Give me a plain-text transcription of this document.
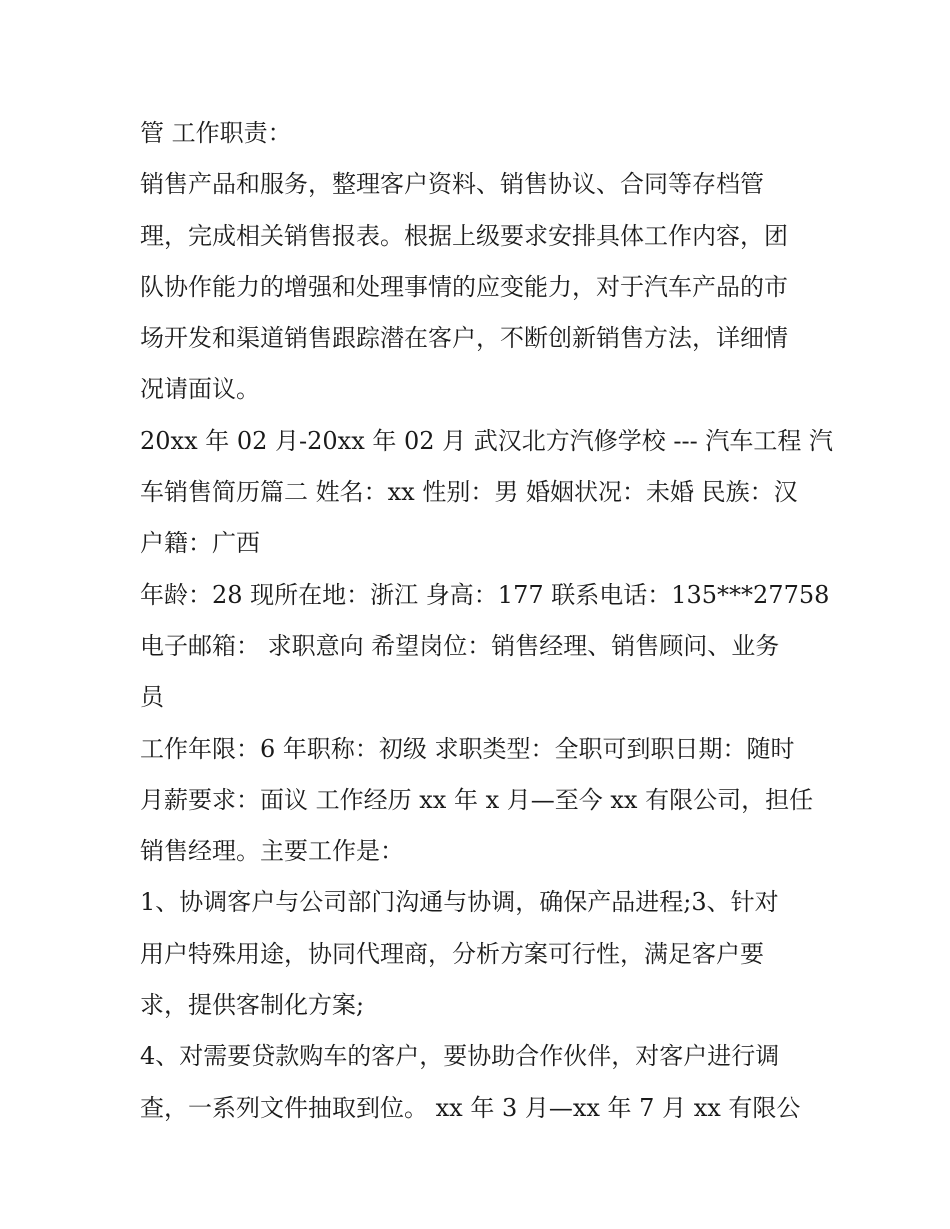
管 工作职责：
销售产品和服务，整理客户资料、销售协议、合同等存档管
理，完成相关销售报表。根据上级要求安排具体工作内容，团
队协作能力的增强和处理事情的应变能力，对于汽车产品的市
场开发和渠道销售跟踪潜在客户，不断创新销售方法，详细情
况请面议。
20xx 年 02 月-20xx 年 02 月 武汉北方汽修学校 --- 汽车工程 汽
车销售简历篇二 姓名：xx 性别：男 婚姻状况：未婚 民族：汉
户籍：广西
年龄：28 现所在地：浙江 身高：177 联系电话：135***27758
电子邮箱： 求职意向 希望岗位：销售经理、销售顾问、业务
员
工作年限：6 年职称：初级 求职类型：全职可到职日期：随时
月薪要求：面议 工作经历 xx 年 x 月—至今 xx 有限公司，担任
销售经理。主要工作是：
1、协调客户与公司部门沟通与协调，确保产品进程;3、针对
用户特殊用途，协同代理商，分析方案可行性，满足客户要
求，提供客制化方案;
4、对需要贷款购车的客户，要协助合作伙伴，对客户进行调
查，一系列文件抽取到位。 xx 年 3 月—xx 年 7 月 xx 有限公
